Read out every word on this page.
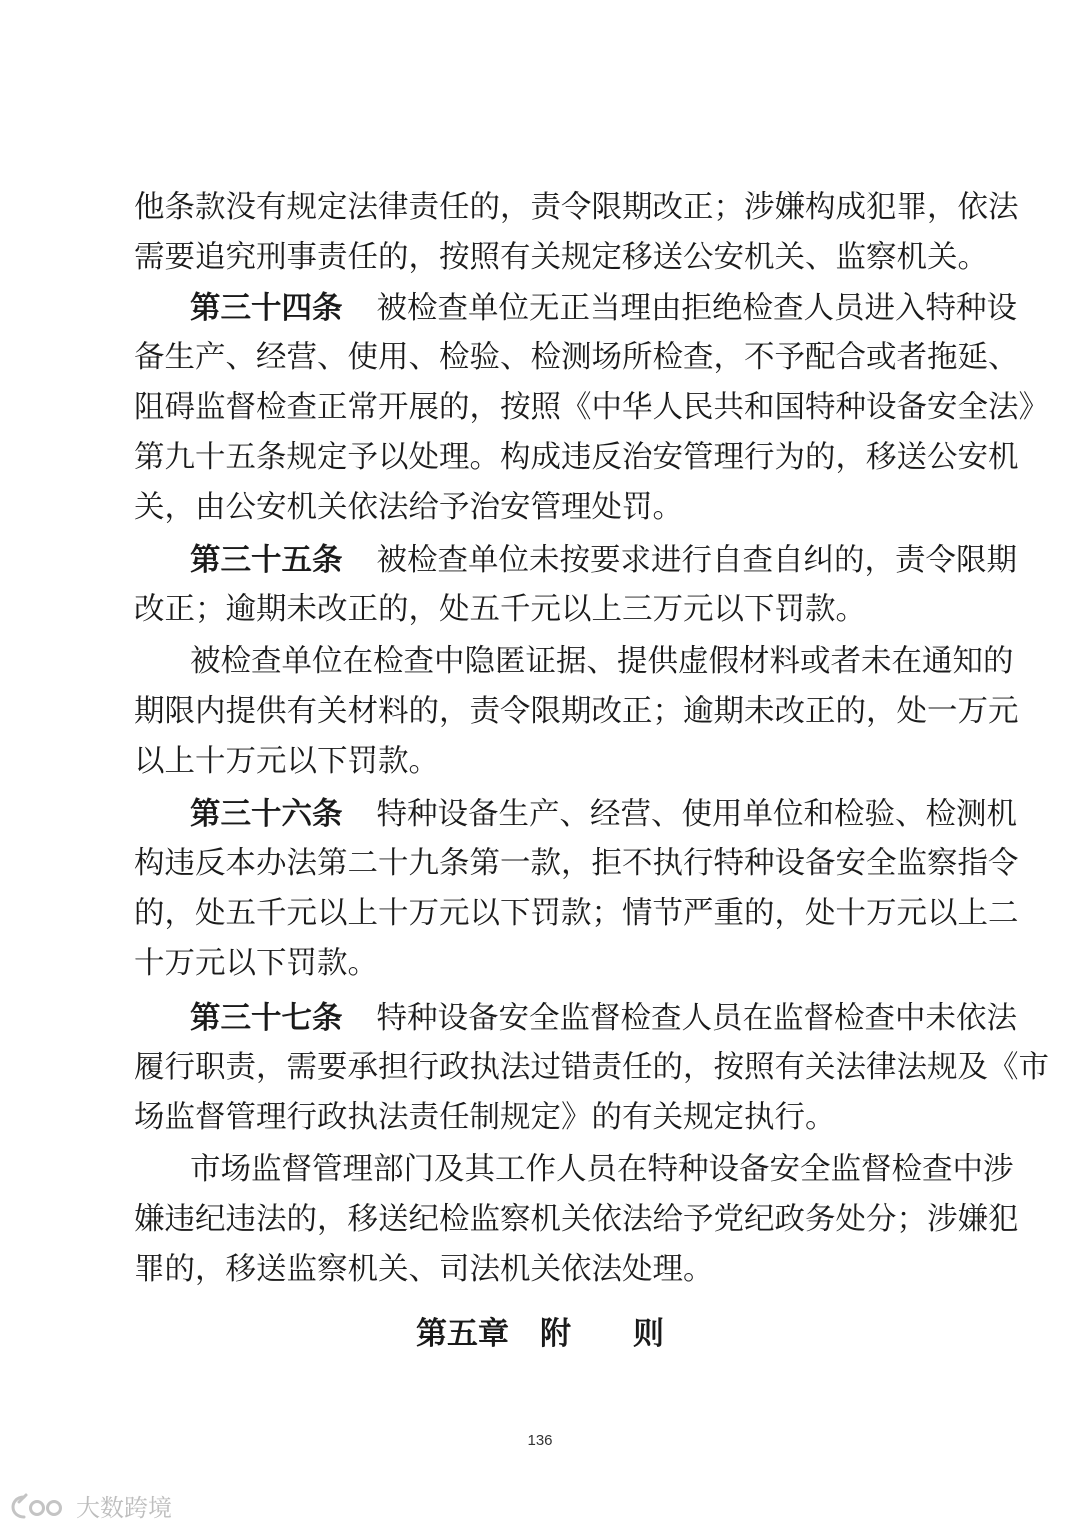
他条款没有规定法律责任的，责令限期改正；涉嫌构成犯罪，依法
需要追究刑事责任的，按照有关规定移送公安机关、监察机关。
第三十四条 被检查单位无正当理由拒绝检查人员进入特种设
备生产、经营、使用、检验、检测场所检查，不予配合或者拖延、
阻碍监督检查正常开展的，按照《中华人民共和国特种设备安全法》
第九十五条规定予以处理。构成违反治安管理行为的，移送公安机
关，由公安机关依法给予治安管理处罚。
第三十五条 被检查单位未按要求进行自查自纠的，责令限期
改正；逾期未改正的，处五千元以上三万元以下罚款。
被检查单位在检查中隐匿证据、提供虚假材料或者未在通知的
期限内提供有关材料的，责令限期改正；逾期未改正的，处一万元
以上十万元以下罚款。
第三十六条 特种设备生产、经营、使用单位和检验、检测机
构违反本办法第二十九条第一款，拒不执行特种设备安全监察指令
的，处五千元以上十万元以下罚款；情节严重的，处十万元以上二
十万元以下罚款。
第三十七条 特种设备安全监督检查人员在监督检查中未依法
履行职责，需要承担行政执法过错责任的，按照有关法律法规及《市
场监督管理行政执法责任制规定》的有关规定执行。
市场监督管理部门及其工作人员在特种设备安全监督检查中涉
嫌违纪违法的，移送纪检监察机关依法给予党纪政务处分；涉嫌犯
罪的，移送监察机关、司法机关依法处理。
第五章　附　　则
136
大数跨境
